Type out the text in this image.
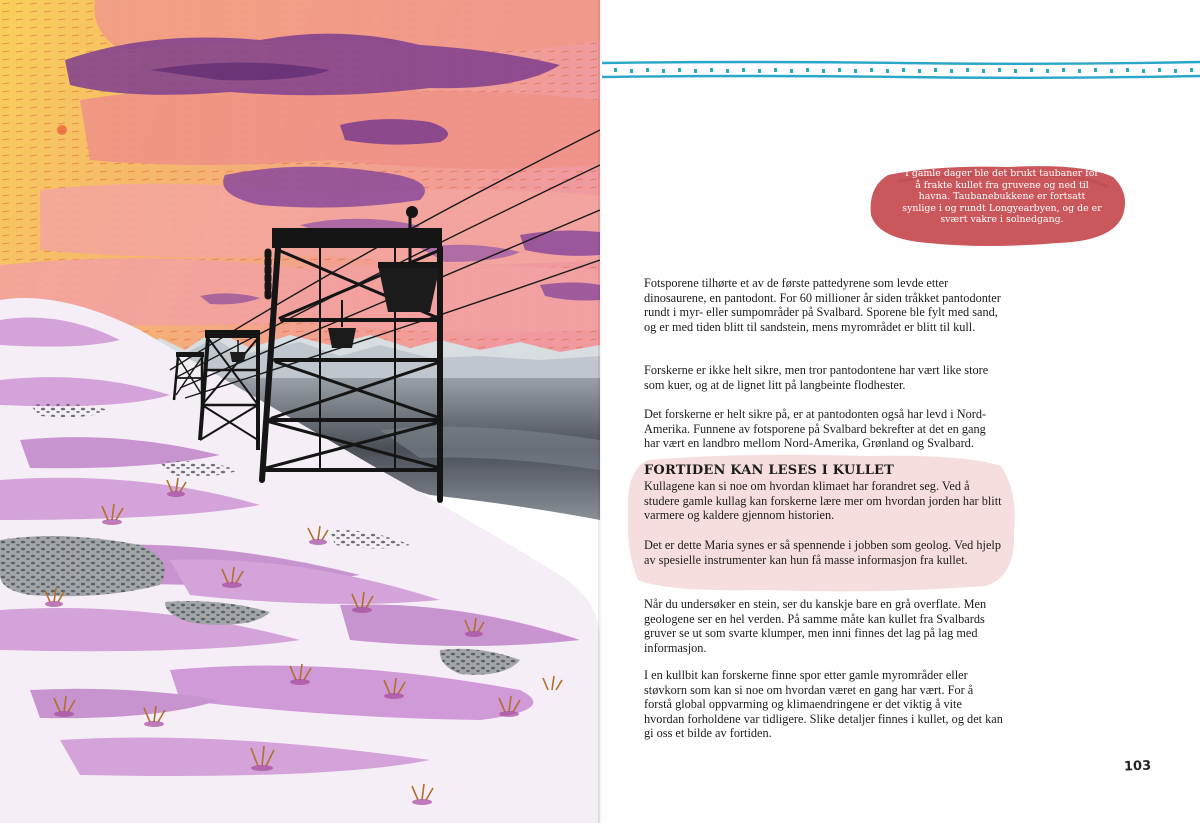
I gamle dager ble det brukt taubaner for å frakte kullet fra gruvene og ned til havna. Taubanebukkene er fortsatt synlige i og rundt Longyearbyen, og de er svært vakre i solnedgang.

Fotsporene tilhørte et av de første pattedyrene som levde etter dinosaurene, en pantodont. For 60 millioner år siden tråkket pantodonter rundt i myr- eller sumpområder på Svalbard. Sporene ble fylt med sand, og er med tiden blitt til sandstein, mens myrområdet er blitt til kull.

Forskerne er ikke helt sikre, men tror pantodontene har vært like store som kuer, og at de lignet litt på langbeinte flodhester.

Det forskerne er helt sikre på, er at pantodonten også har levd i Nord-Amerika. Funnene av fotsporene på Svalbard bekrefter at det en gang har vært en landbro mellom Nord-Amerika, Grønland og Svalbard.

FORTIDEN KAN LESES I KULLET

Kullagene kan si noe om hvordan klimaet har forandret seg. Ved å studere gamle kullag kan forskerne lære mer om hvordan jorden har blitt varmere og kaldere gjennom historien.

Det er dette Maria synes er så spennende i jobben som geolog. Ved hjelp av spesielle instrumenter kan hun få masse informasjon fra kullet.

Når du undersøker en stein, ser du kanskje bare en grå overflate. Men geologene ser en hel verden. På samme måte kan kullet fra Svalbards gruver se ut som svarte klumper, men inni finnes det lag på lag med informasjon.

I en kullbit kan forskerne finne spor etter gamle myrområder eller støvkorn som kan si noe om hvordan været en gang har vært. For å forstå global oppvarming og klimaendringene er det viktig å vite hvordan forholdene var tidligere. Slike detaljer finnes i kullet, og det kan gi oss et bilde av fortiden.

103
